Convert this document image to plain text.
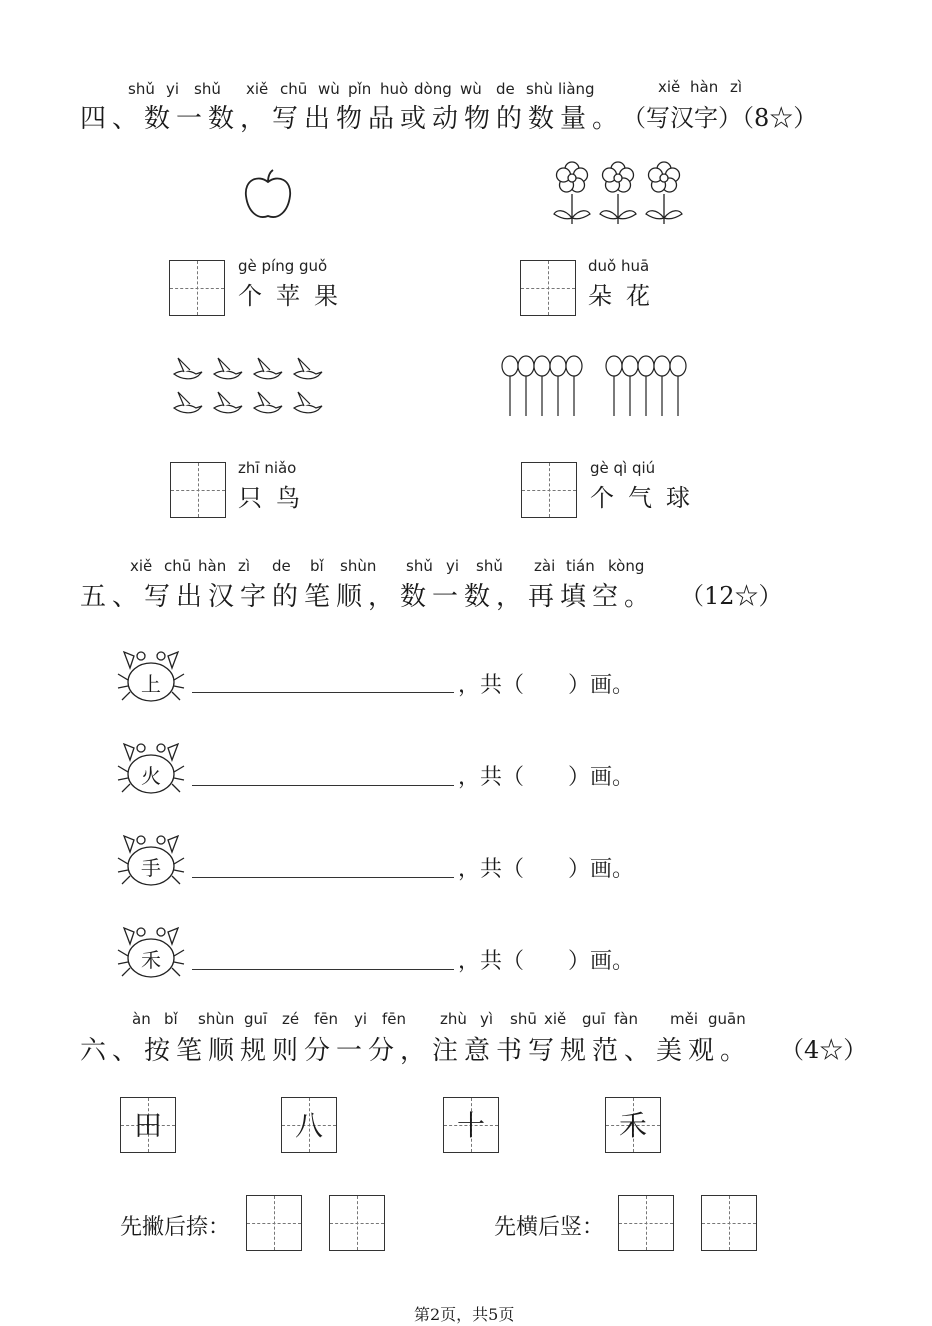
shǔ yi shǔ xiě chū wù pǐn huò dòng wù de shù liàng	xiě hàn zì
四、数一数，写出物品或动物的数量。
（写汉字）（8☆）
gè píng guǒ
个苹果
duǒ huā
朵花
zhī niǎo
只鸟
gè qì qiú
个气球
xiě chū hàn zì de bǐ shùn shǔ yi shǔ zài tián kòng
五、写出汉字的笔顺，数一数，再填空。 （12☆）
上	，共（　　）画。
火	，共（　　）画。
手	，共（　　）画。
禾	，共（　　）画。
àn bǐ shùn guī zé fēn yi fēn zhù yì shū xiě guī fàn měi guān
六、按笔顺规则分一分，注意书写规范、美观。 （4☆）
田	八	十	禾
先撇后捺：	先横后竖：
第2页，共5页
